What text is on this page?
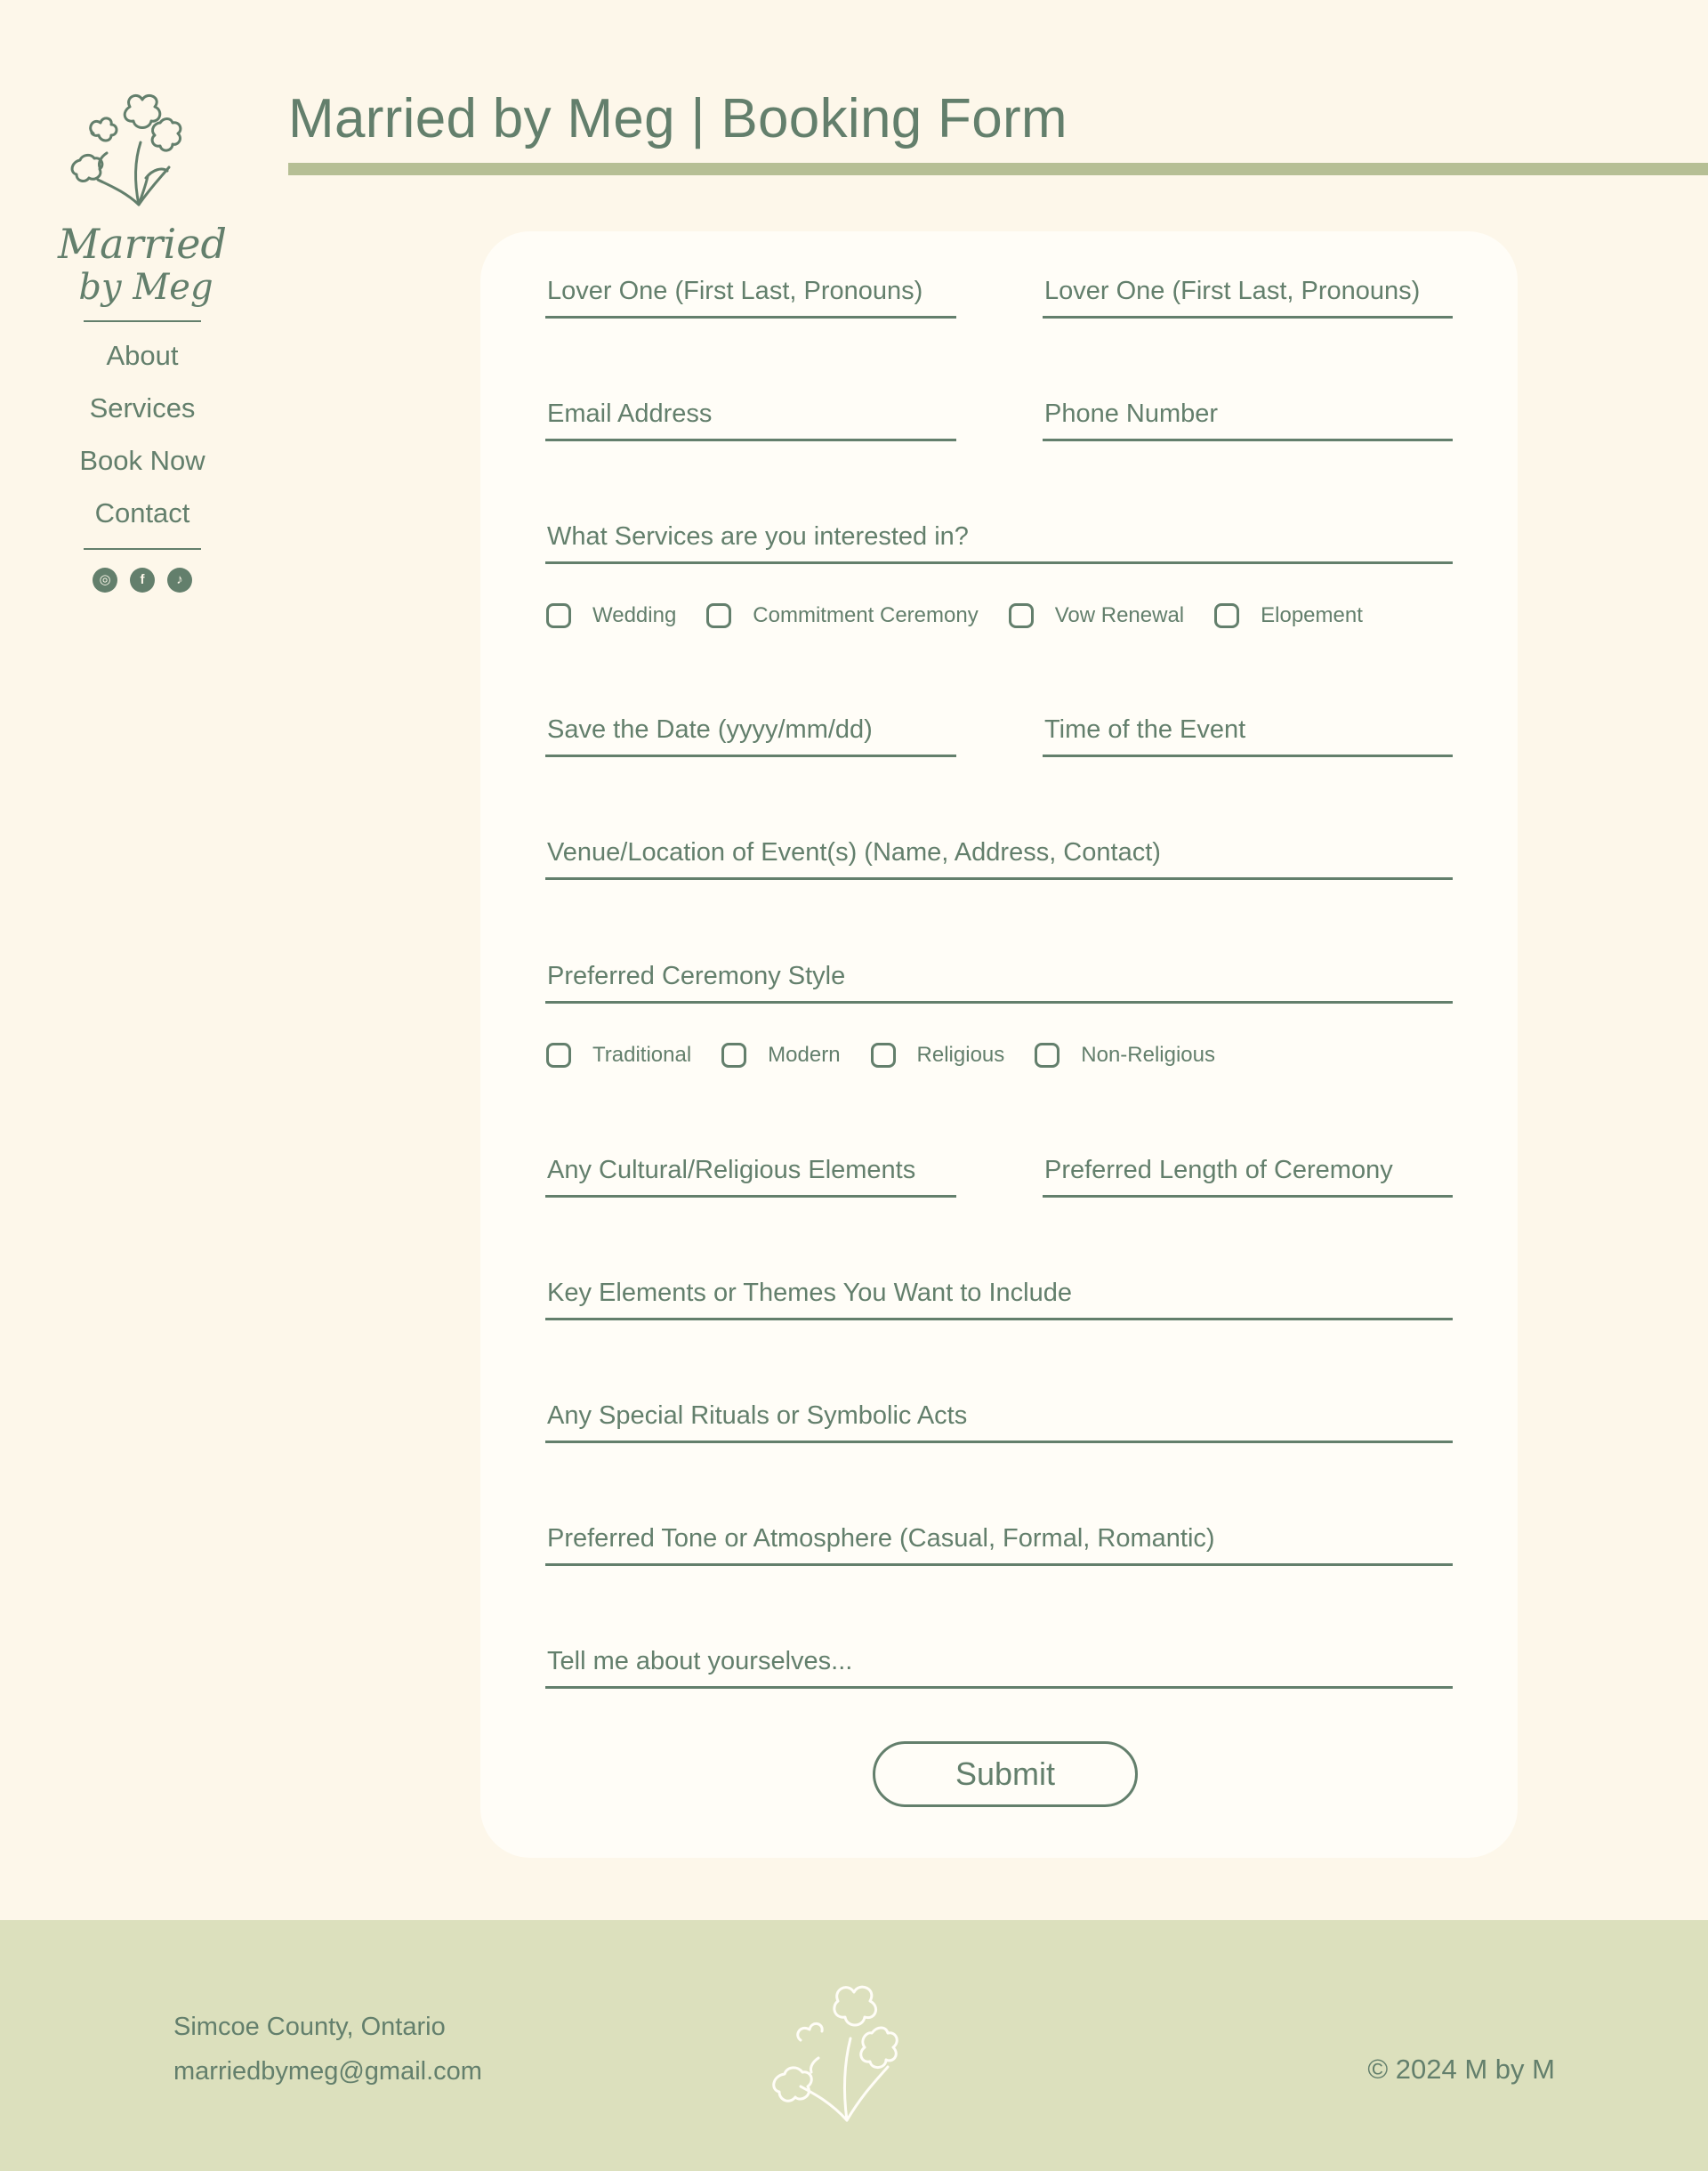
Married
by Meg
About
Services
Book Now
Contact
◎	f	♪
Married by Meg | Booking Form
Lover One (First Last, Pronouns)
Lover One (First Last, Pronouns)
Email Address
Phone Number
What Services are you interested in?
Wedding	Commitment Ceremony	Vow Renewal	Elopement
Save the Date (yyyy/mm/dd)
Time of the Event
Venue/Location of Event(s) (Name, Address, Contact)
Preferred Ceremony Style
Traditional	Modern	Religious	Non-Religious
Any Cultural/Religious Elements
Preferred Length of Ceremony
Key Elements or Themes You Want to Include
Any Special Rituals or Symbolic Acts
Preferred Tone or Atmosphere (Casual, Formal, Romantic)
Tell me about yourselves...
Submit
Simcoe County, Ontario
marriedbymeg@gmail.com	© 2024 M by M
